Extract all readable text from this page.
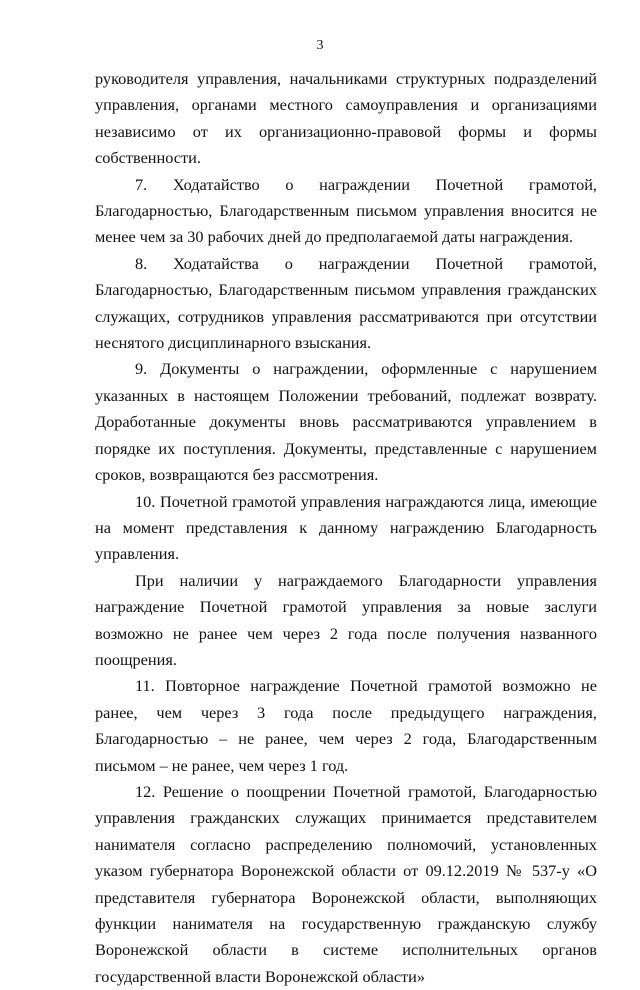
3

руководителя управления, начальниками структурных подразделений управления, органами местного самоуправления и организациями независимо от их организационно-правовой формы и формы собственности.

7. Ходатайство о награждении Почетной грамотой, Благодарностью, Благодарственным письмом управления вносится не менее чем за 30 рабочих дней до предполагаемой даты награждения.

8. Ходатайства о награждении Почетной грамотой, Благодарностью, Благодарственным письмом управления гражданских служащих, сотрудников управления рассматриваются при отсутствии неснятого дисциплинарного взыскания.

9. Документы о награждении, оформленные с нарушением указанных в настоящем Положении требований, подлежат возврату. Доработанные документы вновь рассматриваются управлением в порядке их поступления. Документы, представленные с нарушением сроков, возвращаются без рассмотрения.

10. Почетной грамотой управления награждаются лица, имеющие на момент представления к данному награждению Благодарность управления.

При наличии у награждаемого Благодарности управления награждение Почетной грамотой управления за новые заслуги возможно не ранее чем через 2 года после получения названного поощрения.

11. Повторное награждение Почетной грамотой возможно не ранее, чем через 3 года после предыдущего награждения, Благодарностью – не ранее, чем через 2 года, Благодарственным письмом – не ранее, чем через 1 год.

12. Решение о поощрении Почетной грамотой, Благодарностью управления гражданских служащих принимается представителем нанимателя согласно распределению полномочий, установленных указом губернатора Воронежской области от 09.12.2019 № 537-у «О представителя губернатора Воронежской области, выполняющих функции нанимателя на государственную гражданскую службу Воронежской области в системе исполнительных органов государственной власти Воронежской области»
